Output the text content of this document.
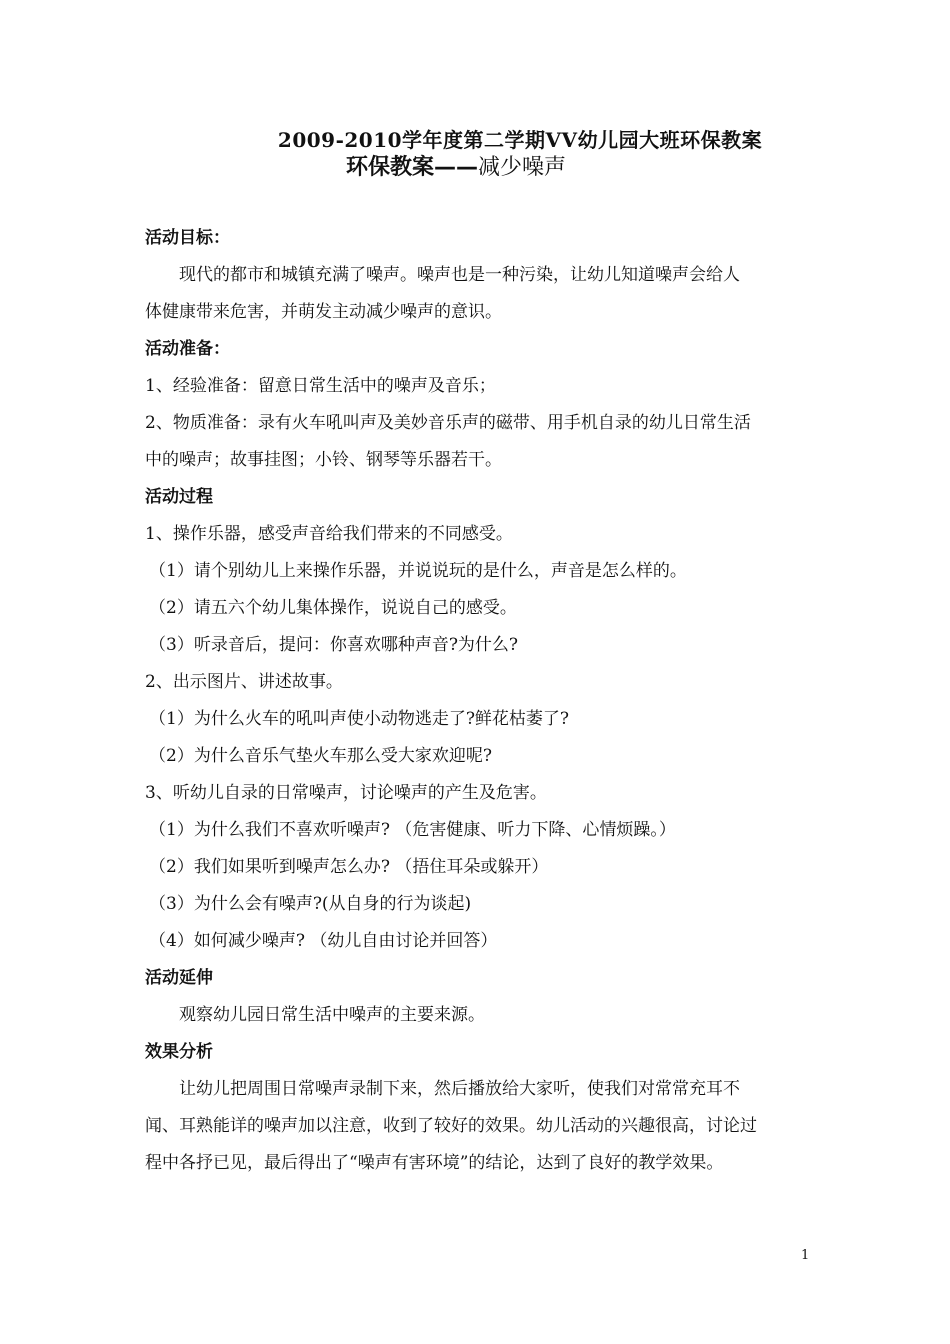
2009-2010学年度第二学期VV幼儿园大班环保教案
环保教案——减少噪声
活动目标：
现代的都市和城镇充满了噪声。噪声也是一种污染，让幼儿知道噪声会给人
体健康带来危害，并萌发主动减少噪声的意识。
活动准备：
1、经验准备：留意日常生活中的噪声及音乐；
2、物质准备：录有火车吼叫声及美妙音乐声的磁带、用手机自录的幼儿日常生活
中的噪声；故事挂图；小铃、钢琴等乐器若干。
活动过程
1、操作乐器，感受声音给我们带来的不同感受。
（1）请个别幼儿上来操作乐器，并说说玩的是什么，声音是怎么样的。
（2）请五六个幼儿集体操作，说说自己的感受。
（3）听录音后，提问：你喜欢哪种声音?为什么?
2、出示图片、讲述故事。
（1）为什么火车的吼叫声使小动物逃走了?鲜花枯萎了?
（2）为什么音乐气垫火车那么受大家欢迎呢?
3、听幼儿自录的日常噪声，讨论噪声的产生及危害。
（1）为什么我们不喜欢听噪声? （危害健康、听力下降、心情烦躁。）
（2）我们如果听到噪声怎么办? （捂住耳朵或躲开）
（3）为什么会有噪声?(从自身的行为谈起)
（4）如何减少噪声? （幼儿自由讨论并回答）
活动延伸
观察幼儿园日常生活中噪声的主要来源。
效果分析
让幼儿把周围日常噪声录制下来，然后播放给大家听，使我们对常常充耳不
闻、耳熟能详的噪声加以注意，收到了较好的效果。幼儿活动的兴趣很高，讨论过
程中各抒已见，最后得出了“噪声有害环境”的结论，达到了良好的教学效果。
1
